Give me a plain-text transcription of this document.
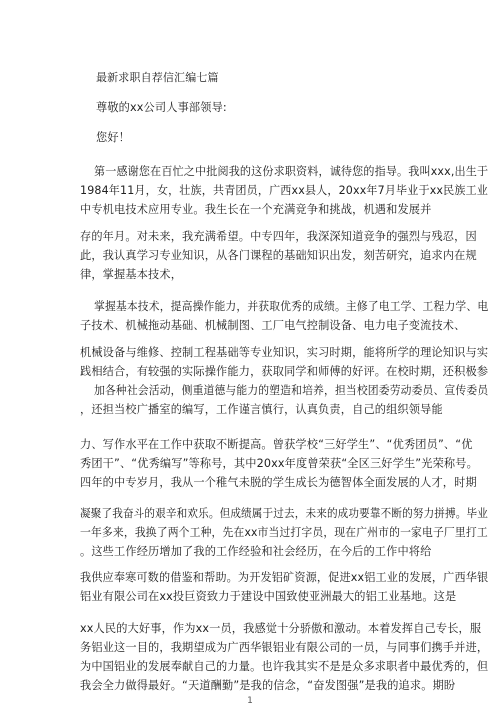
最新求职自荐信汇编七篇
尊敬的xx公司人事部领导:
您好！
第一感谢您在百忙之中批阅我的这份求职资料，诚待您的指导。我叫xxx,出生于
1984年11月，女，壮族，共青团员，广西xx县人，20xx年7月毕业于xx民族工业
中专机电技术应用专业。我生长在一个充满竞争和挑战，机遇和发展并
存的年月。对未来，我充满希望。中专四年，我深深知道竞争的强烈与残忍，因
此，我认真学习专业知识，从各门课程的基础知识出发，刻苦研究，追求内在规
律，掌握基本技术，
掌握基本技术，提高操作能力，并获取优秀的成绩。主修了电工学、工程力学、电
子技术、机械拖动基础、机械制图、工厂电气控制设备、电力电子变流技术、
机械设备与维修、控制工程基础等专业知识，实习时期，能将所学的理论知识与实
践相结合，有较强的实际操作能力，获取同学和师傅的好评。在校时期，还积极参
加各种社会活动，侧重道德与能力的塑造和培养，担当校团委劳动委员、宣传委员
，还担当校广播室的编写，工作谨言慎行，认真负责，自己的组织领导能
力、写作水平在工作中获取不断提高。曾获学校“三好学生”、“优秀团员”、“优
秀团干”、“优秀编写”等称号，其中20xx年度曾荣获“全区三好学生”光荣称号。
四年的中专岁月，我从一个稚气未脱的学生成长为德智体全面发展的人才，时期
凝聚了我奋斗的艰辛和欢乐。但成绩属于过去，未来的成功要靠不断的努力拼搏。毕业
一年多来，我换了两个工种，先在xx市当过打字员，现在广州市的一家电子厂里打工
。这些工作经历增加了我的工作经验和社会经历，在今后的工作中将给
我供应奉寒可数的借鉴和帮助。为开发铝矿资源，促进xx铝工业的发展，广西华银
铝业有限公司在xx投巨资致力于建设中国致使亚洲最大的铝工业基地。这是
xx人民的大好事，作为xx一员，我感觉十分骄傲和激动。本着发挥自己专长，服
务铝业这一目的，我期望成为广西华银铝业有限公司的一员，与同事们携手并进，
为中国铝业的发展奉献自己的力量。也许我其实不是是众多求职者中最优秀的，但
我会全力做得最好。“天道酬勤”是我的信念，“奋发图强”是我的追求。期盼
1
